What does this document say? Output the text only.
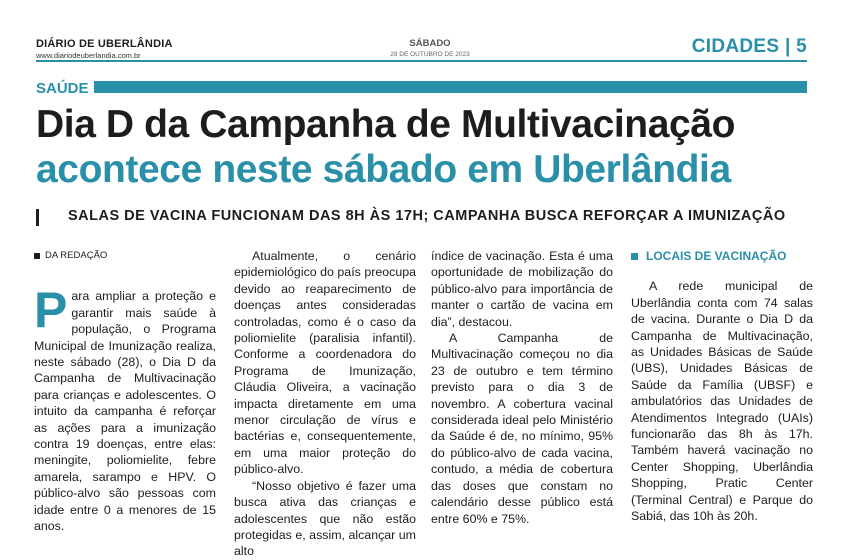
DIÁRIO DE UBERLÂNDIA
www.diariodeuberlandia.com.br
SÁBADO
28 DE OUTUBRO DE 2023	CIDADES | 5
SAÚDE
Dia D da Campanha de Multivacinação
acontece neste sábado em Uberlândia
SALAS DE VACINA FUNCIONAM DAS 8H ÀS 17H; CAMPANHA BUSCA REFORÇAR A IMUNIZAÇÃO
DA REDAÇÃO

Para ampliar a proteção e garantir mais saúde à população, o Programa Municipal de Imunização realiza, neste sábado (28), o Dia D da Campanha de Multivacinação para crianças e adolescentes. O intuito da campanha é reforçar as ações para a imunização contra 19 doenças, entre elas: meningite, poliomielite, febre amarela, sarampo e HPV. O público-alvo são pessoas com idade entre 0 a menores de 15 anos.

Atualmente, o cenário epidemiológico do país preocupa devido ao reaparecimento de doenças antes consideradas controladas, como é o caso da poliomielite (paralisia infantil). Conforme a coordenadora do Programa de Imunização, Cláudia Oliveira, a vacinação impacta diretamente em uma menor circulação de vírus e bactérias e, consequentemente, em uma maior proteção do público-alvo.

“Nosso objetivo é fazer uma busca ativa das crianças e adolescentes que não estão protegidas e, assim, alcançar um alto

índice de vacinação. Esta é uma oportunidade de mobilização do público-alvo para importância de manter o cartão de vacina em dia”, destacou.

A Campanha de Multivacinação começou no dia 23 de outubro e tem término previsto para o dia 3 de novembro. A cobertura vacinal considerada ideal pelo Ministério da Saúde é de, no mínimo, 95% do público-alvo de cada vacina, contudo, a média de cobertura das doses que constam no calendário desse público está entre 60% e 75%.

LOCAIS DE VACINAÇÃO

A rede municipal de Uberlândia conta com 74 salas de vacina. Durante o Dia D da Campanha de Multivacinação, as Unidades Básicas de Saúde (UBS), Unidades Básicas de Saúde da Família (UBSF) e ambulatórios das Unidades de Atendimentos Integrado (UAIs) funcionarão das 8h às 17h. Também haverá vacinação no Center Shopping, Uberlândia Shopping, Pratic Center (Terminal Central) e Parque do Sabiá, das 10h às 20h.
